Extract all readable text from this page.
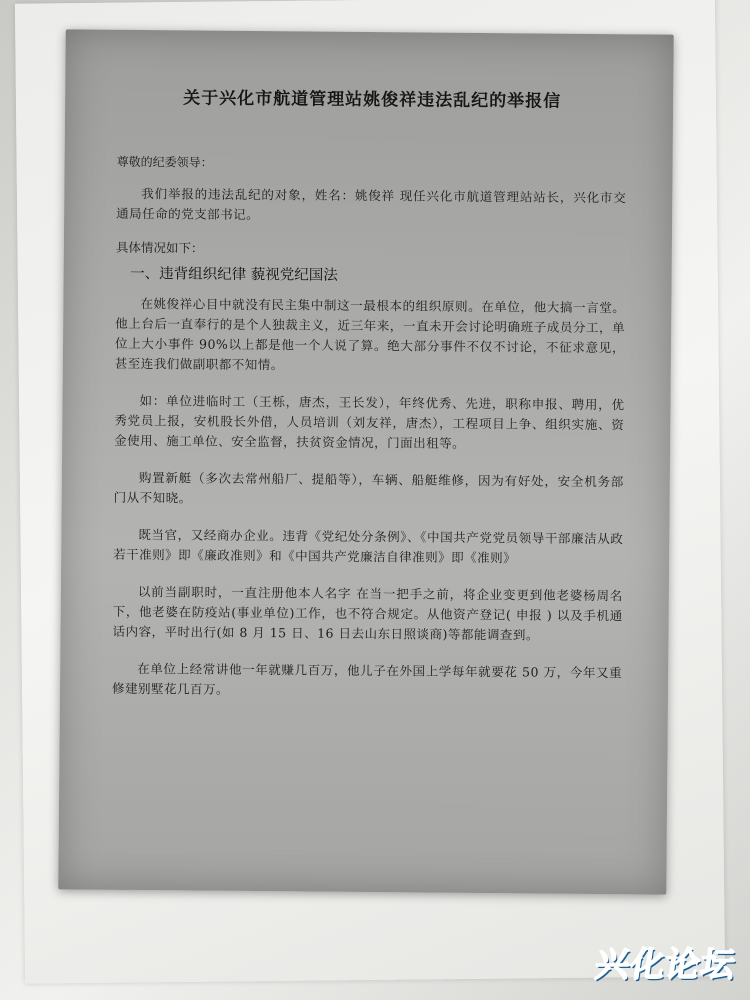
关于兴化市航道管理站姚俊祥违法乱纪的举报信
尊敬的纪委领导：
我们举报的违法乱纪的对象，姓名：姚俊祥 现任兴化市航道管理站站长，兴化市交通局任命的党支部书记。
具体情况如下：
一、违背组织纪律 藐视党纪国法
在姚俊祥心目中就没有民主集中制这一最根本的组织原则。在单位，他大搞一言堂。他上台后一直奉行的是个人独裁主义，近三年来，一直未开会讨论明确班子成员分工，单位上大小事件 90%以上都是他一个人说了算。绝大部分事件不仅不讨论，不征求意见，甚至连我们做副职都不知情。
如：单位进临时工（王栎，唐杰，王长发），年终优秀、先进，职称申报、聘用，优秀党员上报，安机股长外借，人员培训（刘友祥，唐杰），工程项目上争、组织实施、资金使用、施工单位、安全监督，扶贫资金情况，门面出租等。
购置新艇（多次去常州船厂、提船等），车辆、船艇维修，因为有好处，安全机务部门从不知晓。
既当官，又经商办企业。违背《党纪处分条例》、《中国共产党党员领导干部廉洁从政若干准则》即《廉政准则》和《中国共产党廉洁自律准则》即《准则》
以前当副职时，一直注册他本人名字 在当一把手之前，将企业变更到他老婆杨周名下，他老婆在防疫站(事业单位)工作，也不符合规定。从他资产登记( 申报 ) 以及手机通话内容，平时出行(如 8 月 15 日、16 日去山东日照谈商)等都能调查到。
在单位上经常讲他一年就赚几百万，他儿子在外国上学每年就要花 50 万，今年又重修建别墅花几百万。
兴化论坛
